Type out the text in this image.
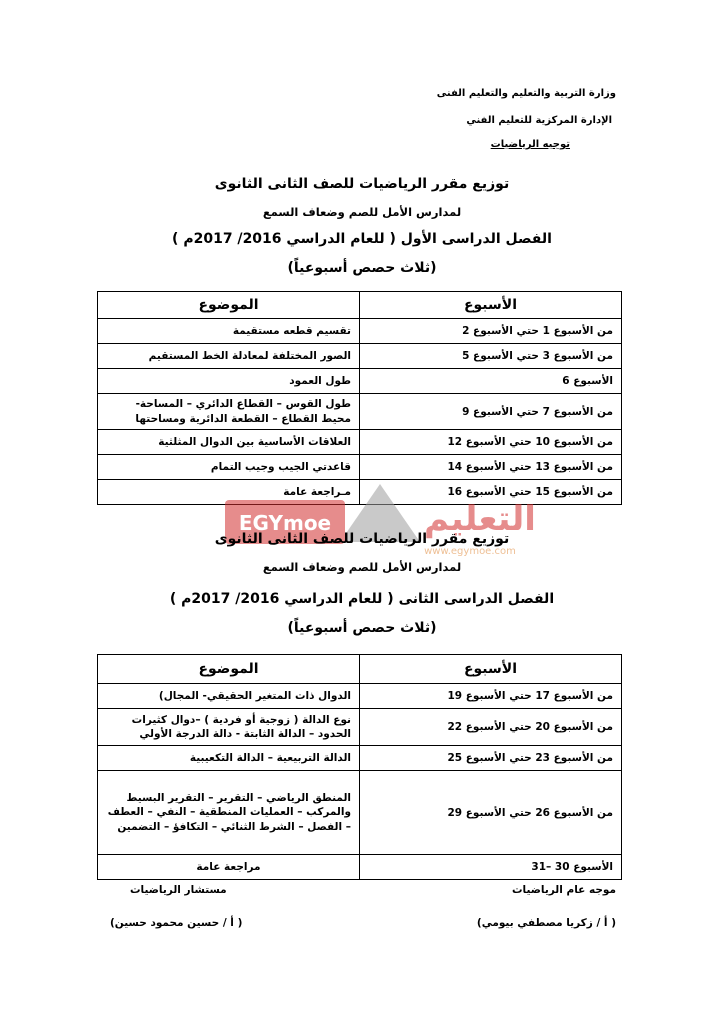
وزارة التربية والتعليم والتعليم الفنى
الإدارة المركزية للتعليم الفني
توجيه الرياضيات
توزيع مقرر الرياضيات للصف الثانى الثانوى
لمدارس الأمل للصم وضعاف السمع
الفصل الدراسى الأول ( للعام الدراسي 2016/ 2017م )
(ثلاث حصص أسبوعياً)
الأسبوع	الموضوع
من الأسبوع 1 حتي الأسبوع 2	تقسيم قطعه مستقيمة
من الأسبوع 3 حتي الأسبوع 5	الصور المختلفة لمعادلة الخط المستقيم
الأسبوع 6	طول العمود
من الأسبوع 7 حتي الأسبوع 9	طول القوس – القطاع الدائري – المساحة- محيط القطاع – القطعة الدائرية ومساحتها
من الأسبوع 10 حتي الأسبوع 12	العلاقات الأساسية بين الدوال المثلثية
من الأسبوع 13 حتي الأسبوع 14	قاعدتي الجيب وجيب التمام
من الأسبوع 15 حتي الأسبوع 16	مـراجعة عامة
EGYmoe	التعليم
www.egymoe.com
توزيع مقرر الرياضيات للصف الثانى الثانوى
لمدارس الأمل للصم وضعاف السمع
الفصل الدراسى الثانى ( للعام الدراسي 2016/ 2017م )
(ثلاث حصص أسبوعياً)
الأسبوع	الموضوع
من الأسبوع 17 حتي الأسبوع 19	الدوال ذات المتغير الحقيقي- المجال)
من الأسبوع 20 حتي الأسبوع 22	نوع الدالة ( زوجية أو فردية ) –دوال كثيرات الحدود – الدالة الثابتة - دالة الدرجة الأولي
من الأسبوع 23 حتي الأسبوع 25	الدالة التربيعية – الدالة التكعيبية
من الأسبوع 26 حتي الأسبوع 29	المنطق الرياضي – التقرير – التقرير البسيط والمركب – العمليات المنطقية – النفي – العطف – الفصل – الشرط الثنائي – التكافؤ – التضمين
الأسبوع 30 –31	مراجعة عامة
موجه عام الرياضيات
مستشار الرياضيات
( أ / زكريا مصطفي بيومي)
( أ / حسين محمود حسين)
